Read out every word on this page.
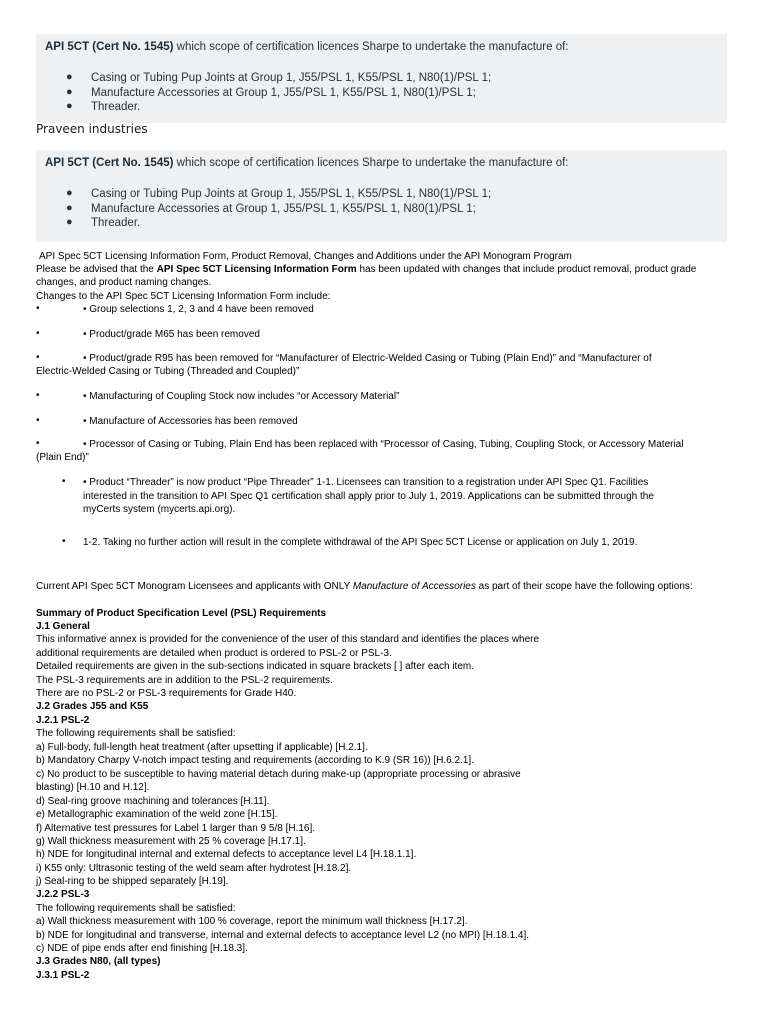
API 5CT (Cert No. 1545) which scope of certification licences Sharpe to undertake the manufacture of:
● Casing or Tubing Pup Joints at Group 1, J55/PSL 1, K55/PSL 1, N80(1)/PSL 1;
● Manufacture Accessories at Group 1, J55/PSL 1, K55/PSL 1, N80(1)/PSL 1;
● Threader.
Praveen industries
API 5CT (Cert No. 1545) which scope of certification licences Sharpe to undertake the manufacture of:
● Casing or Tubing Pup Joints at Group 1, J55/PSL 1, K55/PSL 1, N80(1)/PSL 1;
● Manufacture Accessories at Group 1, J55/PSL 1, K55/PSL 1, N80(1)/PSL 1;
● Threader.
API Spec 5CT Licensing Information Form, Product Removal, Changes and Additions under the API Monogram Program
Please be advised that the API Spec 5CT Licensing Information Form has been updated with changes that include product removal, product grade
changes, and product naming changes.
Changes to the API Spec 5CT Licensing Information Form include:
•	• Group selections 1, 2, 3 and 4 have been removed
•	• Product/grade M65 has been removed
•	• Product/grade R95 has been removed for “Manufacturer of Electric-Welded Casing or Tubing (Plain End)” and “Manufacturer of
Electric-Welded Casing or Tubing (Threaded and Coupled)”
•	• Manufacturing of Coupling Stock now includes “or Accessory Material”
•	• Manufacture of Accessories has been removed
•	• Processor of Casing or Tubing, Plain End has been replaced with “Processor of Casing, Tubing, Coupling Stock, or Accessory Material
(Plain End)”
• • Product “Threader” is now product “Pipe Threader” 1-1. Licensees can transition to a registration under API Spec Q1. Facilities
interested in the transition to API Spec Q1 certification shall apply prior to July 1, 2019. Applications can be submitted through the
myCerts system (mycerts.api.org).
• 1-2. Taking no further action will result in the complete withdrawal of the API Spec 5CT License or application on July 1, 2019.
Current API Spec 5CT Monogram Licensees and applicants with ONLY Manufacture of Accessories as part of their scope have the following options:
Summary of Product Specification Level (PSL) Requirements
J.1 General
This informative annex is provided for the convenience of the user of this standard and identifies the places where
additional requirements are detailed when product is ordered to PSL-2 or PSL-3.
Detailed requirements are given in the sub-sections indicated in square brackets [ ] after each item.
The PSL-3 requirements are in addition to the PSL-2 requirements.
There are no PSL-2 or PSL-3 requirements for Grade H40.
J.2 Grades J55 and K55
J.2.1 PSL-2
The following requirements shall be satisfied:
a) Full-body, full-length heat treatment (after upsetting if applicable) [H.2.1].
b) Mandatory Charpy V-notch impact testing and requirements (according to K.9 (SR 16)) [H.6.2.1].
c) No product to be susceptible to having material detach during make-up (appropriate processing or abrasive
blasting) [H.10 and H.12].
d) Seal-ring groove machining and tolerances [H.11].
e) Metallographic examination of the weld zone [H.15].
f) Alternative test pressures for Label 1 larger than 9 5/8 [H.16].
g) Wall thickness measurement with 25 % coverage [H.17.1].
h) NDE for longitudinal internal and external defects to acceptance level L4 [H.18.1.1].
i) K55 only: Ultrasonic testing of the weld seam after hydrotest [H.18.2].
j) Seal-ring to be shipped separately [H.19].
J.2.2 PSL-3
The following requirements shall be satisfied:
a) Wall thickness measurement with 100 % coverage, report the minimum wall thickness [H.17.2].
b) NDE for longitudinal and transverse, internal and external defects to acceptance level L2 (no MPI) [H.18.1.4].
c) NDE of pipe ends after end finishing [H.18.3].
J.3 Grades N80, (all types)
J.3.1 PSL-2
